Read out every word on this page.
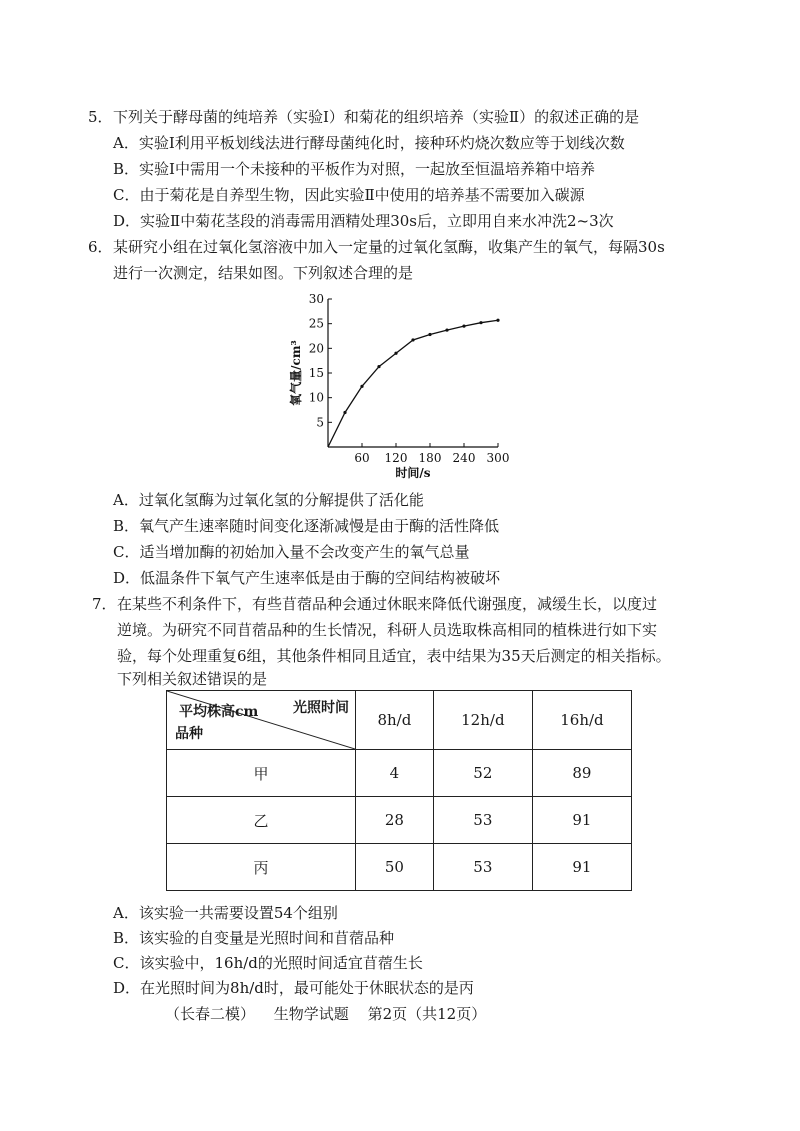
5． 下列关于酵母菌的纯培养（实验Ⅰ）和菊花的组织培养（实验Ⅱ）的叙述正确的是
A．实验Ⅰ利用平板划线法进行酵母菌纯化时，接种环灼烧次数应等于划线次数
B．实验Ⅰ中需用一个未接种的平板作为对照，一起放至恒温培养箱中培养
C．由于菊花是自养型生物，因此实验Ⅱ中使用的培养基不需要加入碳源
D．实验Ⅱ中菊花茎段的消毒需用酒精处理30s后，立即用自来水冲洗2~3次
6． 某研究小组在过氧化氢溶液中加入一定量的过氧化氢酶，收集产生的氧气，每隔30s
进行一次测定，结果如图。下列叙述合理的是
5
10
15
20
25
30
60 120 180 240 300
时间/s
氧气量/cm³
A．过氧化氢酶为过氧化氢的分解提供了活化能
B．氧气产生速率随时间变化逐渐减慢是由于酶的活性降低
C．适当增加酶的初始加入量不会改变产生的氧气总量
D．低温条件下氧气产生速率低是由于酶的空间结构被破坏
7． 在某些不利条件下，有些苜蓿品种会通过休眠来降低代谢强度，减缓生长，以度过
逆境。为研究不同苜蓿品种的生长情况，科研人员选取株高相同的植株进行如下实
验，每个处理重复6组，其他条件相同且适宜，表中结果为35天后测定的相关指标。
下列相关叙述错误的是
光照时间
平均株高cm
品种	8h/d	12h/d	16h/d
甲	4	52	89
乙	28	53	91
丙	50	53	91
A．该实验一共需要设置54个组别
B．该实验的自变量是光照时间和苜蓿品种
C．该实验中，16h/d的光照时间适宜苜蓿生长
D．在光照时间为8h/d时，最可能处于休眠状态的是丙
（长春二模） 生物学试题 第2页（共12页）
